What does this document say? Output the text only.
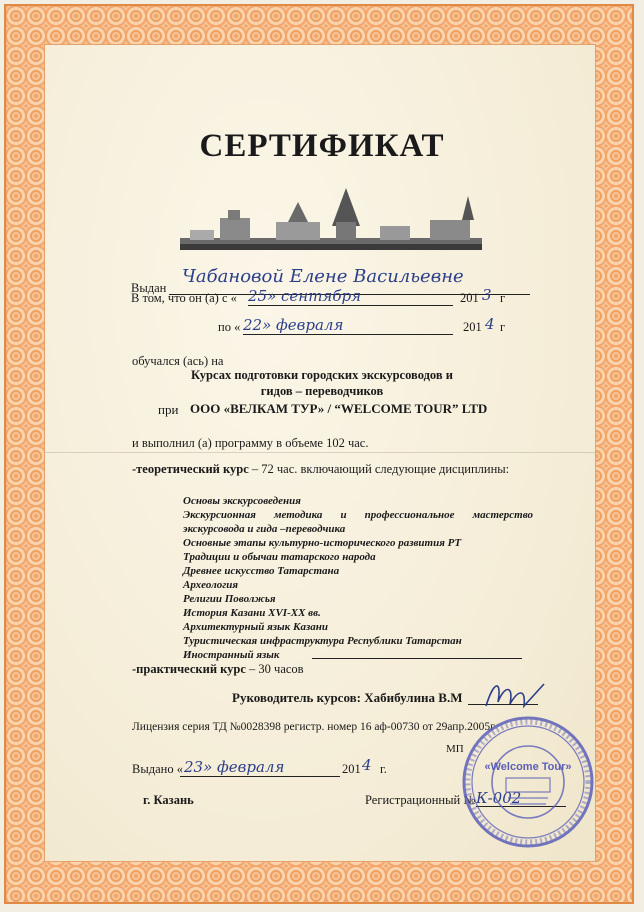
СЕРТИФИКАТ
Выдан
Чабановой Елене Васильевне
В том, что он (а) с « 25» сентября	201 3 г
по « 22» февраля	201 4 г
обучался (ась) на
Курсах подготовки городских экскурсоводов и
гидов – переводчиков
при ООО «ВЕЛКАМ ТУР» / “WELCOME TOUR” LTD
и выполнил (а) программу в объеме 102 час.
-теоретический курс – 72 час. включающий следующие дисциплины:
Основы экскурсоведения
Экскурсионная методика и профессиональное мастерство
экскурсовода и гида –переводчика
Основные этапы культурно-исторического развития РТ
Традиции и обычаи татарского народа
Древнее искусство Татарстана
Археология
Религии Поволжья
История Казани XVI-XX вв.
Архитектурный язык Казани
Туристическая инфраструктура Республики Татарстан
Иностранный язык
-практический курс – 30 часов
Руководитель курсов: Хабибулина В.М
Лицензия серия ТД №0028398 регистр. номер 16 аф-00730 от 29апр.2005г
МП
Выдано « 23» февраля	201 4 г.
г. Казань	Регистрационный № К-002
«Welcome Tour»
